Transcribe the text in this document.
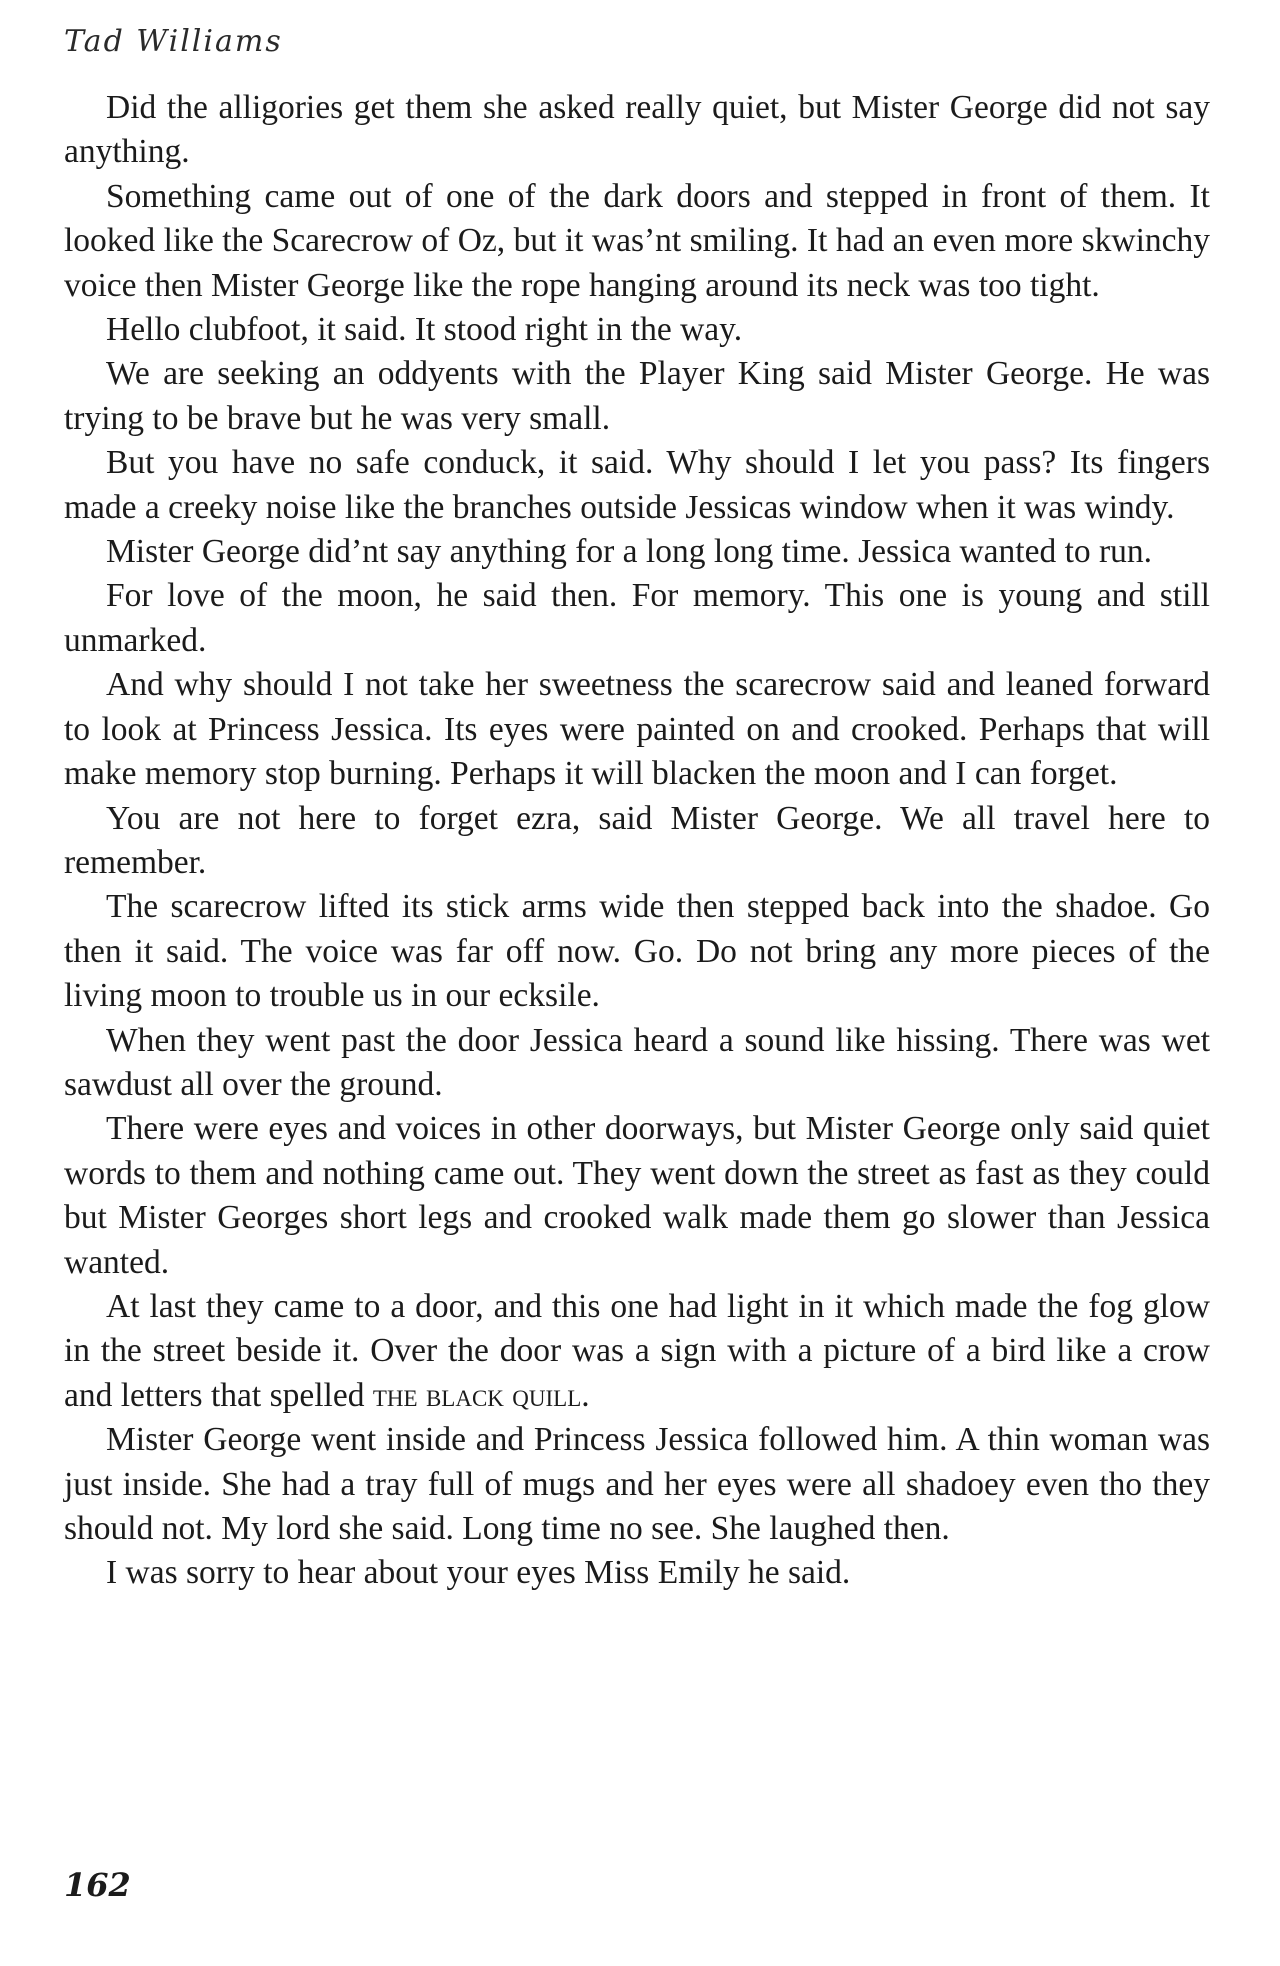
Tad Williams

Did the alligories get them she asked really quiet, but Mister George did not say anything.

Something came out of one of the dark doors and stepped in front of them. It looked like the Scarecrow of Oz, but it was’nt smiling. It had an even more skwinchy voice then Mister George like the rope hanging around its neck was too tight.

Hello clubfoot, it said. It stood right in the way.

We are seeking an oddyents with the Player King said Mister George. He was trying to be brave but he was very small.

But you have no safe conduck, it said. Why should I let you pass? Its fingers made a creeky noise like the branches outside Jessicas window when it was windy.

Mister George did’nt say anything for a long long time. Jessica wanted to run.

For love of the moon, he said then. For memory. This one is young and still unmarked.

And why should I not take her sweetness the scarecrow said and leaned forward to look at Princess Jessica. Its eyes were painted on and crooked. Perhaps that will make memory stop burning. Perhaps it will blacken the moon and I can forget.

You are not here to forget ezra, said Mister George. We all travel here to remember.

The scarecrow lifted its stick arms wide then stepped back into the shadoe. Go then it said. The voice was far off now. Go. Do not bring any more pieces of the living moon to trouble us in our ecksile.

When they went past the door Jessica heard a sound like hissing. There was wet sawdust all over the ground.

There were eyes and voices in other doorways, but Mister George only said quiet words to them and nothing came out. They went down the street as fast as they could but Mister Georges short legs and crooked walk made them go slower than Jessica wanted.

At last they came to a door, and this one had light in it which made the fog glow in the street beside it. Over the door was a sign with a picture of a bird like a crow and letters that spelled the black quill.

Mister George went inside and Princess Jessica followed him. A thin woman was just inside. She had a tray full of mugs and her eyes were all shadoey even tho they should not. My lord she said. Long time no see. She laughed then.

I was sorry to hear about your eyes Miss Emily he said.

162
